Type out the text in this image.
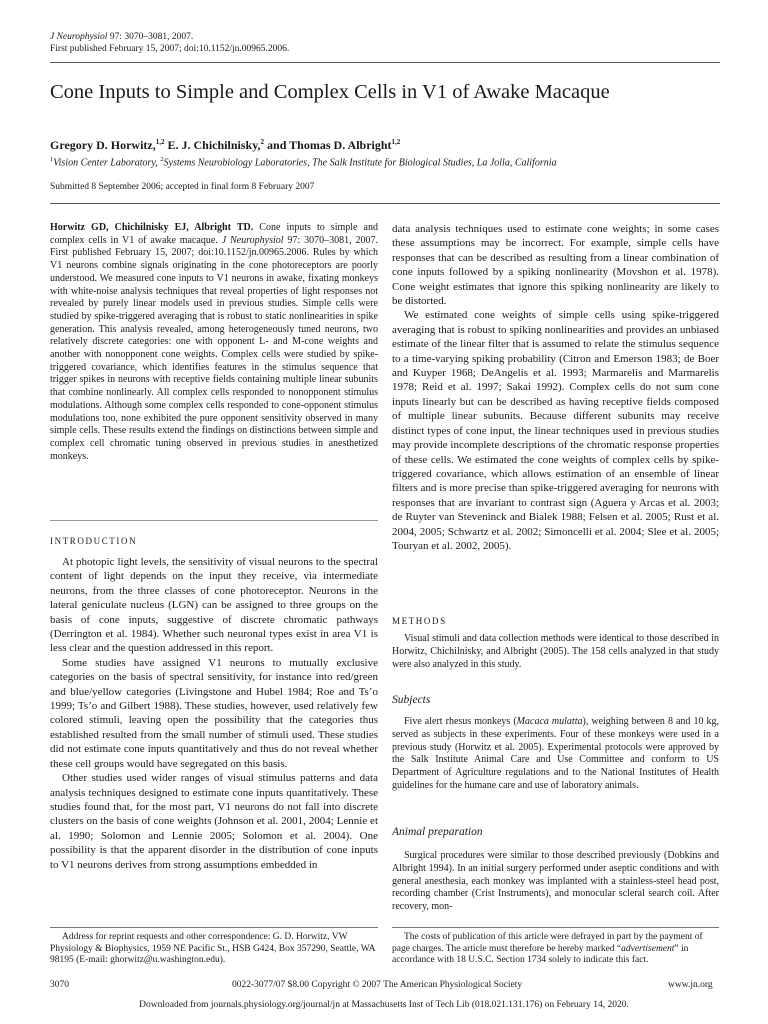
J Neurophysiol 97: 3070–3081, 2007.
First published February 15, 2007; doi:10.1152/jn.00965.2006.
Cone Inputs to Simple and Complex Cells in V1 of Awake Macaque
Gregory D. Horwitz,$^{1,2}$ E. J. Chichilnisky,$^2$ and Thomas D. Albright$^{1,2}$
$^1$Vision Center Laboratory, $^2$Systems Neurobiology Laboratories, The Salk Institute for Biological Studies, La Jolla, California
Submitted 8 September 2006; accepted in final form 8 February 2007
Horwitz GD, Chichilnisky EJ, Albright TD. Cone inputs to simple and complex cells in V1 of awake macaque. J Neurophysiol 97: 3070–3081, 2007. First published February 15, 2007; doi:10.1152/jn.00965.2006. Rules by which V1 neurons combine signals originating in the cone photoreceptors are poorly understood. We measured cone inputs to V1 neurons in awake, fixating monkeys with white-noise analysis techniques that reveal properties of light responses not revealed by purely linear models used in previous studies. Simple cells were studied by spike-triggered averaging that is robust to static nonlinearities in spike generation. This analysis revealed, among heterogeneously tuned neurons, two relatively discrete categories: one with opponent L- and M-cone weights and another with nonopponent cone weights. Complex cells were studied by spike-triggered covariance, which identifies features in the stimulus sequence that trigger spikes in neurons with receptive fields containing multiple linear subunits that combine nonlinearly. All complex cells responded to nonopponent stimulus modulations. Although some complex cells responded to cone-opponent stimulus modulations too, none exhibited the pure opponent sensitivity observed in many simple cells. These results extend the findings on distinctions between simple and complex cell chromatic tuning observed in previous studies in anesthetized monkeys.
INTRODUCTION

At photopic light levels, the sensitivity of visual neurons to the spectral content of light depends on the input they receive, via intermediate neurons, from the three classes of cone photoreceptor. Neurons in the lateral geniculate nucleus (LGN) can be assigned to three groups on the basis of cone inputs, suggestive of discrete chromatic pathways (Derrington et al. 1984). Whether such neuronal types exist in area V1 is less clear and the question addressed in this report.

Some studies have assigned V1 neurons to mutually exclusive categories on the basis of spectral sensitivity, for instance into red/green and blue/yellow categories (Livingstone and Hubel 1984; Roe and Ts’o 1999; Ts’o and Gilbert 1988). These studies, however, used relatively few colored stimuli, leaving open the possibility that the categories thus established resulted from the small number of stimuli used. These studies did not estimate cone inputs quantitatively and thus do not reveal whether these cell groups would have segregated on this basis.

Other studies used wider ranges of visual stimulus patterns and data analysis techniques designed to estimate cone inputs quantitatively. These studies found that, for the most part, V1 neurons do not fall into discrete clusters on the basis of cone weights (Johnson et al. 2001, 2004; Lennie et al. 1990; Solomon and Lennie 2005; Solomon et al. 2004). One possibility is that the apparent disorder in the distribution of cone inputs to V1 neurons derives from strong assumptions embedded in

data analysis techniques used to estimate cone weights; in some cases these assumptions may be incorrect. For example, simple cells have responses that can be described as resulting from a linear combination of cone inputs followed by a spiking nonlinearity (Movshon et al. 1978). Cone weight estimates that ignore this spiking nonlinearity are likely to be distorted.

We estimated cone weights of simple cells using spike-triggered averaging that is robust to spiking nonlinearities and provides an unbiased estimate of the linear filter that is assumed to relate the stimulus sequence to a time-varying spiking probability (Citron and Emerson 1983; de Boer and Kuyper 1968; DeAngelis et al. 1993; Marmarelis and Marmarelis 1978; Reid et al. 1997; Sakai 1992). Complex cells do not sum cone inputs linearly but can be described as having receptive fields composed of multiple linear subunits. Because different subunits may receive distinct types of cone input, the linear techniques used in previous studies may provide incomplete descriptions of the chromatic response properties of these cells. We estimated the cone weights of complex cells by spike-triggered covariance, which allows estimation of an ensemble of linear filters and is more precise than spike-triggered averaging for neurons with responses that are invariant to contrast sign (Aguera y Arcas et al. 2003; de Ruyter van Steveninck and Bialek 1988; Felsen et al. 2005; Rust et al. 2004, 2005; Schwartz et al. 2002; Simoncelli et al. 2004; Slee et al. 2005; Touryan et al. 2002, 2005).

METHODS

Visual stimuli and data collection methods were identical to those described in Horwitz, Chichilnisky, and Albright (2005). The 158 cells analyzed in that study were also analyzed in this study.

Subjects

Five alert rhesus monkeys (Macaca mulatta), weighing between 8 and 10 kg, served as subjects in these experiments. Four of these monkeys were used in a previous study (Horwitz et al. 2005). Experimental protocols were approved by the Salk Institute Animal Care and Use Committee and conform to US Department of Agriculture regulations and to the National Institutes of Health guidelines for the humane care and use of laboratory animals.

Animal preparation

Surgical procedures were similar to those described previously (Dobkins and Albright 1994). In an initial surgery performed under aseptic conditions and with general anesthesia, each monkey was implanted with a stainless-steel head post, recording chamber (Crist Instruments), and monocular scleral search coil. After recovery, mon-

Address for reprint requests and other correspondence: G. D. Horwitz, VW Physiology & Biophysics, 1959 NE Pacific St., HSB G424, Box 357290, Seattle, WA 98195 (E-mail: ghorwitz@u.washington.edu).
The costs of publication of this article were defrayed in part by the payment of page charges. The article must therefore be hereby marked “advertisement” in accordance with 18 U.S.C. Section 1734 solely to indicate this fact.
3070	0022-3077/07 $8.00 Copyright © 2007 The American Physiological Society	www.jn.org
Downloaded from journals.physiology.org/journal/jn at Massachusetts Inst of Tech Lib (018.021.131.176) on February 14, 2020.
